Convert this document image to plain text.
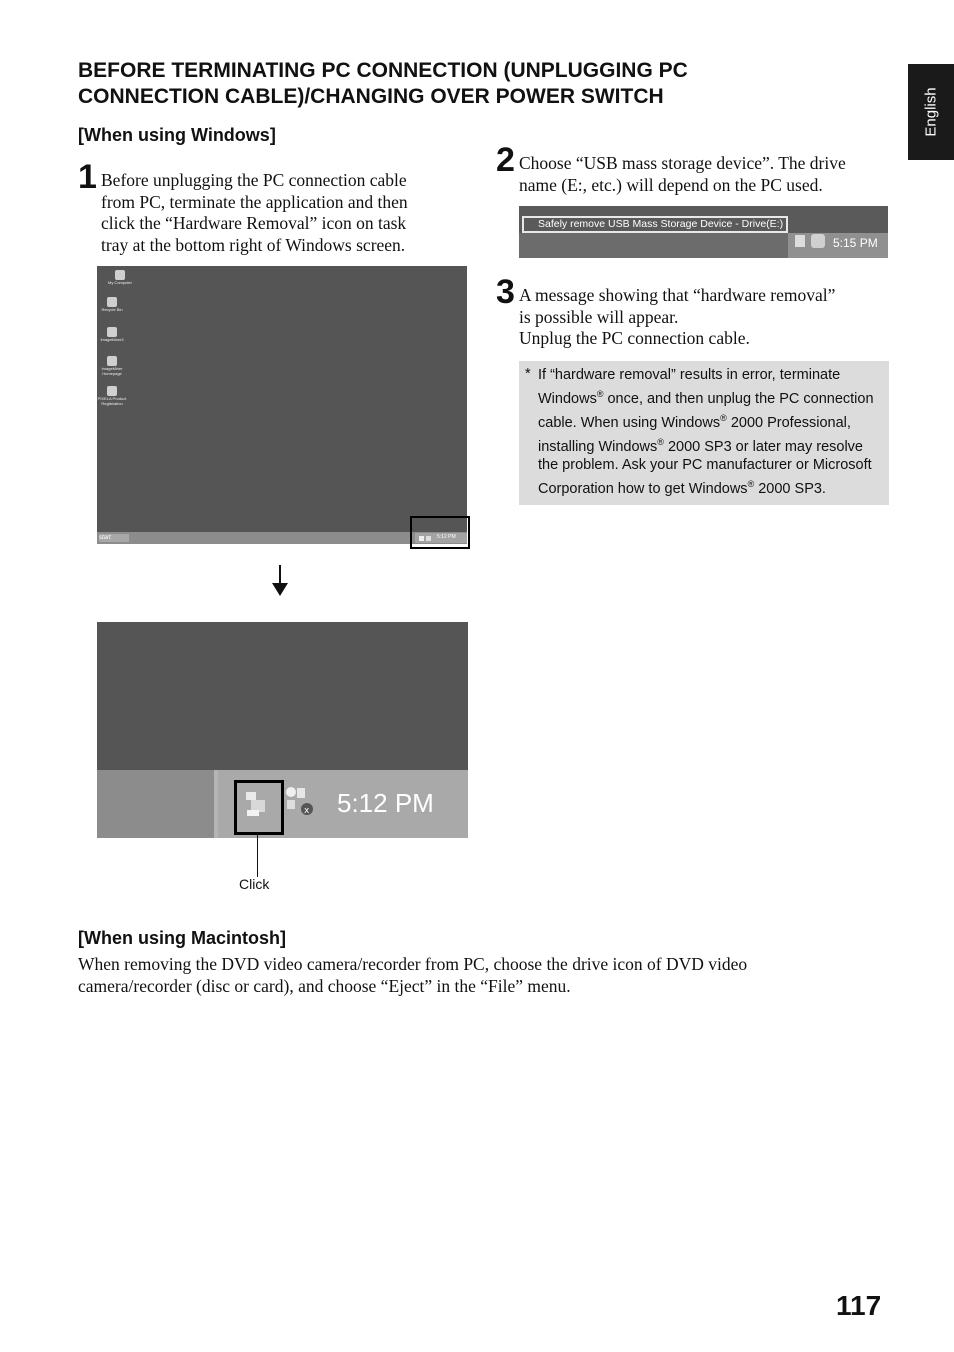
BEFORE TERMINATING PC CONNECTION (UNPLUGGING PC
CONNECTION CABLE)/CHANGING OVER POWER SWITCH	English
[When using Windows]
1 Before unplugging the PC connection cable
from PC, terminate the application and then
click the “Hardware Removal” icon on task
tray at the bottom right of Windows screen.
My Computer
Recycle Bin
ImageMixer3
ImageMixer Homepage
PIXELA Product Registration
start	5:12 PM
x 5:12 PM
Click
2 Choose “USB mass storage device”. The drive
name (E:, etc.) will depend on the PC used.
Safely remove USB Mass Storage Device - Drive(E:)
5:15 PM
3 A message showing that “hardware removal”
is possible will appear.
Unplug the PC connection cable.
* If “hardware removal” results in error, terminate Windows® once, and then unplug the PC connection cable. When using Windows® 2000 Professional, installing Windows® 2000 SP3 or later may resolve the problem. Ask your PC manufacturer or Microsoft Corporation how to get Windows® 2000 SP3.
[When using Macintosh]
When removing the DVD video camera/recorder from PC, choose the drive icon of DVD video
camera/recorder (disc or card), and choose “Eject” in the “File” menu.
117
